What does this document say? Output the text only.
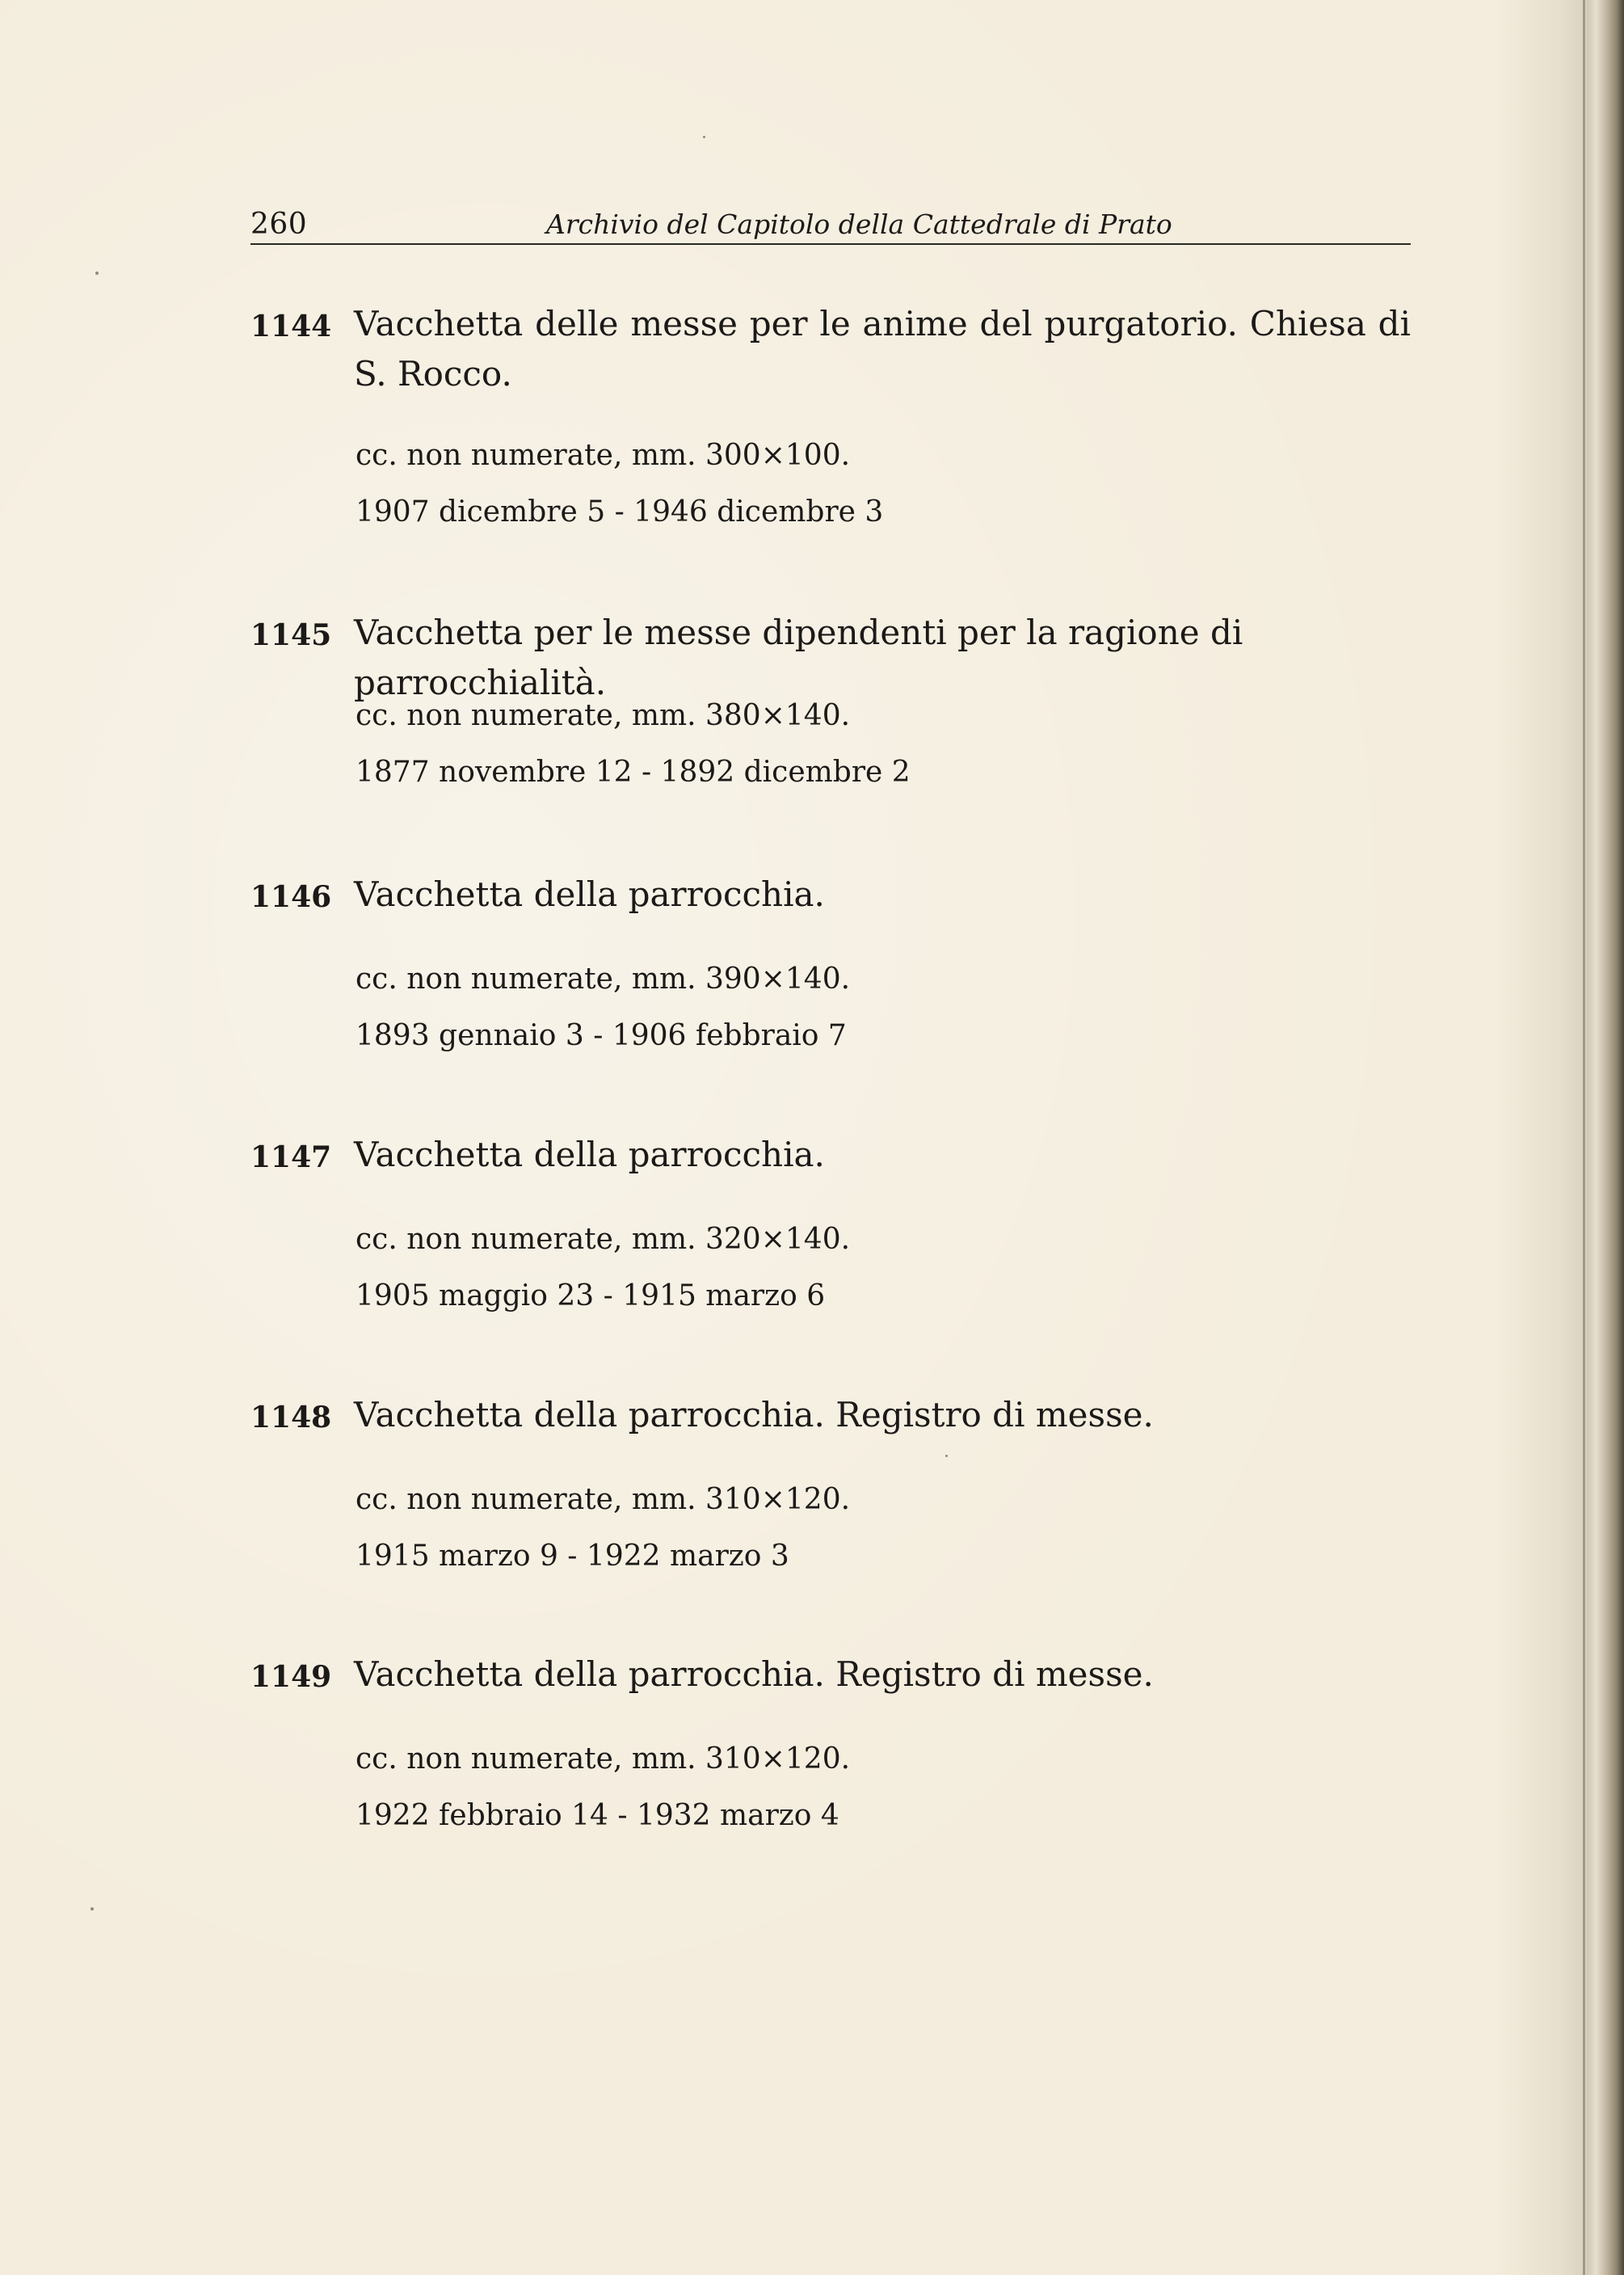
260	Archivio del Capitolo della Cattedrale di Prato
1144 Vacchetta delle messe per le anime del purgatorio. Chiesa di S. Rocco.
cc. non numerate, mm. 300×100.
1907 dicembre 5 - 1946 dicembre 3
1145 Vacchetta per le messe dipendenti per la ragione di parrocchialità.
cc. non numerate, mm. 380×140.
1877 novembre 12 - 1892 dicembre 2
1146 Vacchetta della parrocchia.
cc. non numerate, mm. 390×140.
1893 gennaio 3 - 1906 febbraio 7
1147 Vacchetta della parrocchia.
cc. non numerate, mm. 320×140.
1905 maggio 23 - 1915 marzo 6
1148 Vacchetta della parrocchia. Registro di messe.
cc. non numerate, mm. 310×120.
1915 marzo 9 - 1922 marzo 3
1149 Vacchetta della parrocchia. Registro di messe.
cc. non numerate, mm. 310×120.
1922 febbraio 14 - 1932 marzo 4
